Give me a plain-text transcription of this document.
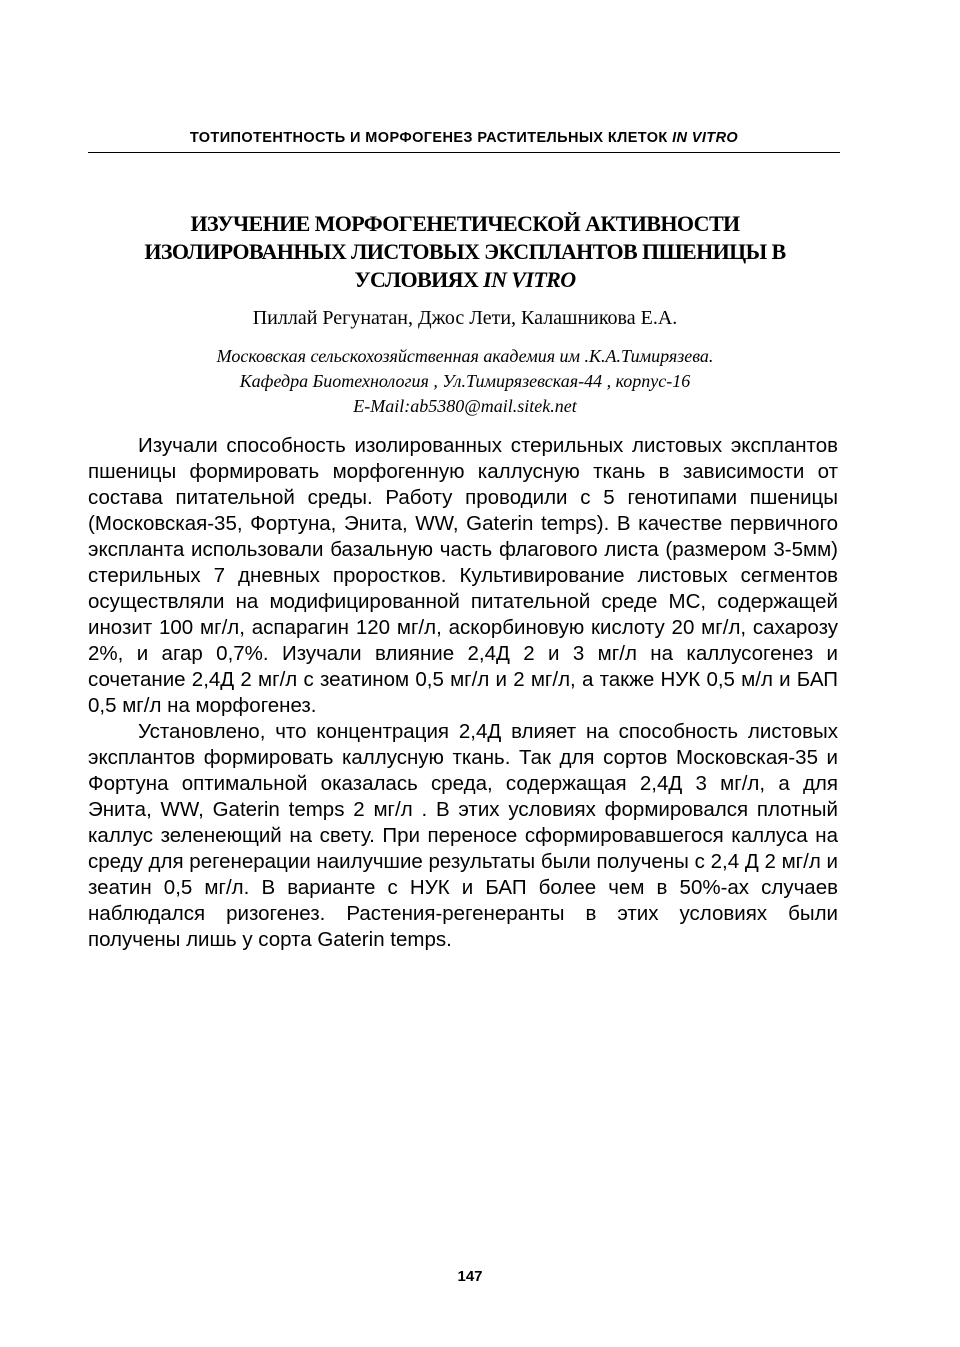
ТОТИПОТЕНТНОСТЬ И МОРФОГЕНЕЗ РАСТИТЕЛЬНЫХ КЛЕТОК IN VITRO
ИЗУЧЕНИЕ МОРФОГЕНЕТИЧЕСКОЙ АКТИВНОСТИ ИЗОЛИРОВАННЫХ ЛИСТОВЫХ ЭКСПЛАНТОВ ПШЕНИЦЫ В УСЛОВИЯХ IN VITRO
Пиллай Регунатан, Джос Лети, Калашникова Е.А.
Московская сельскохозяйственная академия им .К.А.Тимирязева.
Кафедра Биотехнология , Ул.Тимирязевская-44 , корпус-16
E-Mail:ab5380@mail.sitek.net

Изучали способность изолированных стерильных листовых эксплантов пшеницы формировать морфогенную каллусную ткань в зависимости от состава питательной среды. Работу проводили с 5 генотипами пшеницы (Московская-35, Фортуна, Энита, WW, Gaterin temps). В качестве первичного экспланта использовали базальную часть флагового листа (размером 3-5мм) стерильных 7 дневных проростков. Культивирование листовых сегментов осуществляли на модифицированной питательной среде МС, содержащей инозит 100 мг/л, аспарагин 120 мг/л, аскорбиновую кислоту 20 мг/л, сахарозу 2%, и агар 0,7%. Изучали влияние 2,4Д 2 и 3 мг/л на каллусогенез и сочетание 2,4Д 2 мг/л с зеатином 0,5 мг/л и 2 мг/л, а также НУК 0,5 м/л и БАП 0,5 мг/л на морфогенез.

Установлено, что концентрация 2,4Д влияет на способность листовых эксплантов формировать каллусную ткань. Так для сортов Московская-35 и Фортуна оптимальной оказалась среда, содержащая 2,4Д 3 мг/л, а для Энита, WW, Gaterin temps 2 мг/л . В этих условиях формировался плотный каллус зеленеющий на свету. При переносе сформировавшегося каллуса на среду для регенерации наилучшие результаты были получены с 2,4 Д 2 мг/л и зеатин 0,5 мг/л. В варианте с НУК и БАП более чем в 50%-ах случаев наблюдался ризогенез. Растения-регенеранты в этих условиях были получены лишь у сорта Gaterin temps.

147
